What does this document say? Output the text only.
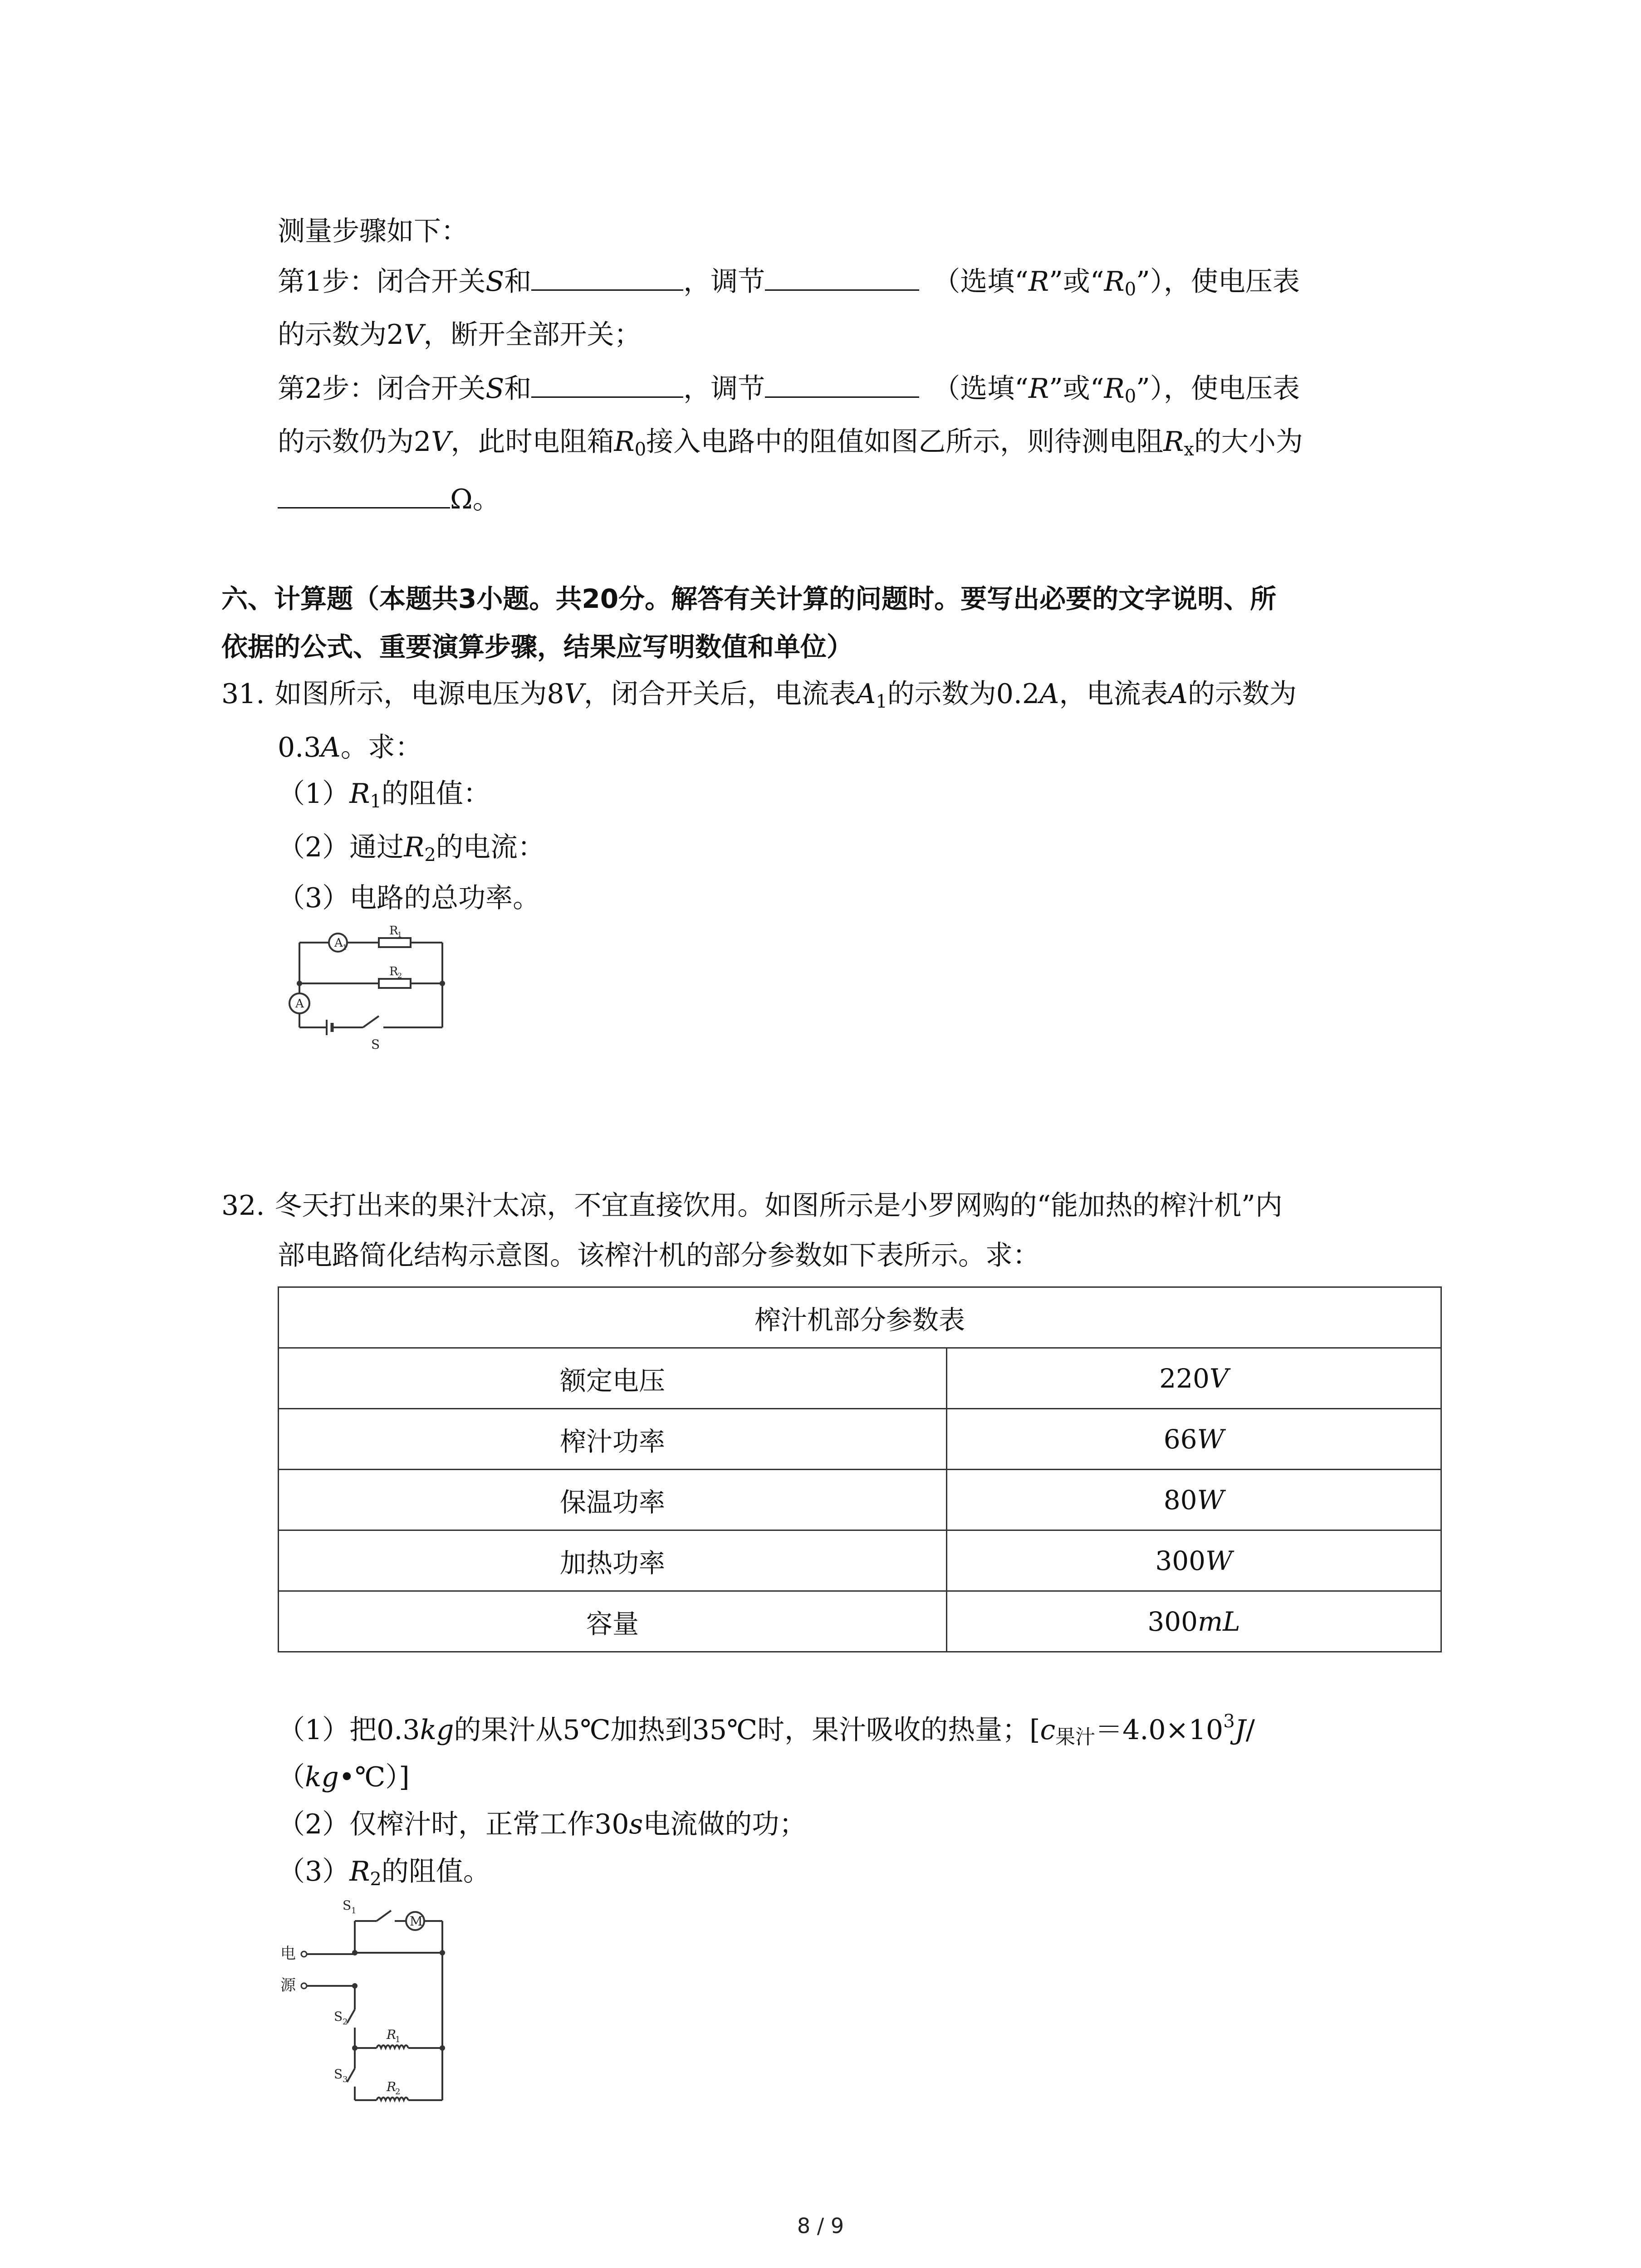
测量步骤如下：
第1步：闭合开关S和	，调节	（选填“R”或“$R_0$”），使电压表
的示数为2V，断开全部开关；
第2步：闭合开关S和	，调节	（选填“R”或“$R_0$”），使电压表
的示数仍为2V，此时电阻箱$R_0$接入电路中的阻值如图乙所示，则待测电阻$R_x$的大小为
Ω。
六、计算题（本题共3小题。共20分。解答有关计算的问题时。要写出必要的文字说明、所
依据的公式、重要演算步骤，结果应写明数值和单位）
31. 如图所示，电源电压为8V，闭合开关后，电流表$A_1$的示数为0.2A，电流表A的示数为
0.3A。求：
$(1)R_1$的阻值：
（2）通过$R_2$的电流：
（3）电路的总功率。
A 1
R
1
R
2
A
S
32. 冬天打出来的果汁太凉，不宜直接饮用。如图所示是小罗网购的“能加热的榨汁机”内
部电路简化结构示意图。该榨汁机的部分参数如下表所示。求：
榨汁机部分参数表	
额定电压	220V
榨汁功率	66W
保温功率	80W
加热功率	300W
容量	300mL
（1）把0.3kg的果汁从5℃加热到35℃时，果汁吸收的热量；[$c_{果汁}=4.0\times 10^3J/$
（kg•℃）]
（2）仅榨汁时，正常工作30s电流做的功；
$(3)R_2$的阻值。
S 1
M
电
源
S 2
R
1
S 3	R
2
8 / 9
